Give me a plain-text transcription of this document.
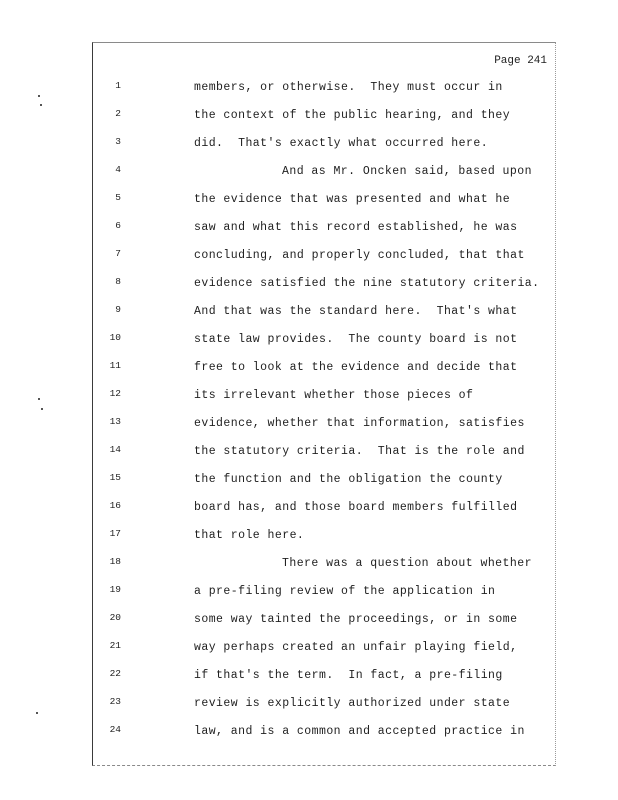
Page 241
1	members, or otherwise.  They must occur in
2	the context of the public hearing, and they
3	did.  That's exactly what occurred here.
4	And as Mr. Oncken said, based upon
5	the evidence that was presented and what he
6	saw and what this record established, he was
7	concluding, and properly concluded, that that
8	evidence satisfied the nine statutory criteria.
9	And that was the standard here.  That's what
10	state law provides.  The county board is not
11	free to look at the evidence and decide that
12	its irrelevant whether those pieces of
13	evidence, whether that information, satisfies
14	the statutory criteria.  That is the role and
15	the function and the obligation the county
16	board has, and those board members fulfilled
17	that role here.
18	There was a question about whether
19	a pre-filing review of the application in
20	some way tainted the proceedings, or in some
21	way perhaps created an unfair playing field,
22	if that's the term.  In fact, a pre-filing
23	review is explicitly authorized under state
24	law, and is a common and accepted practice in
